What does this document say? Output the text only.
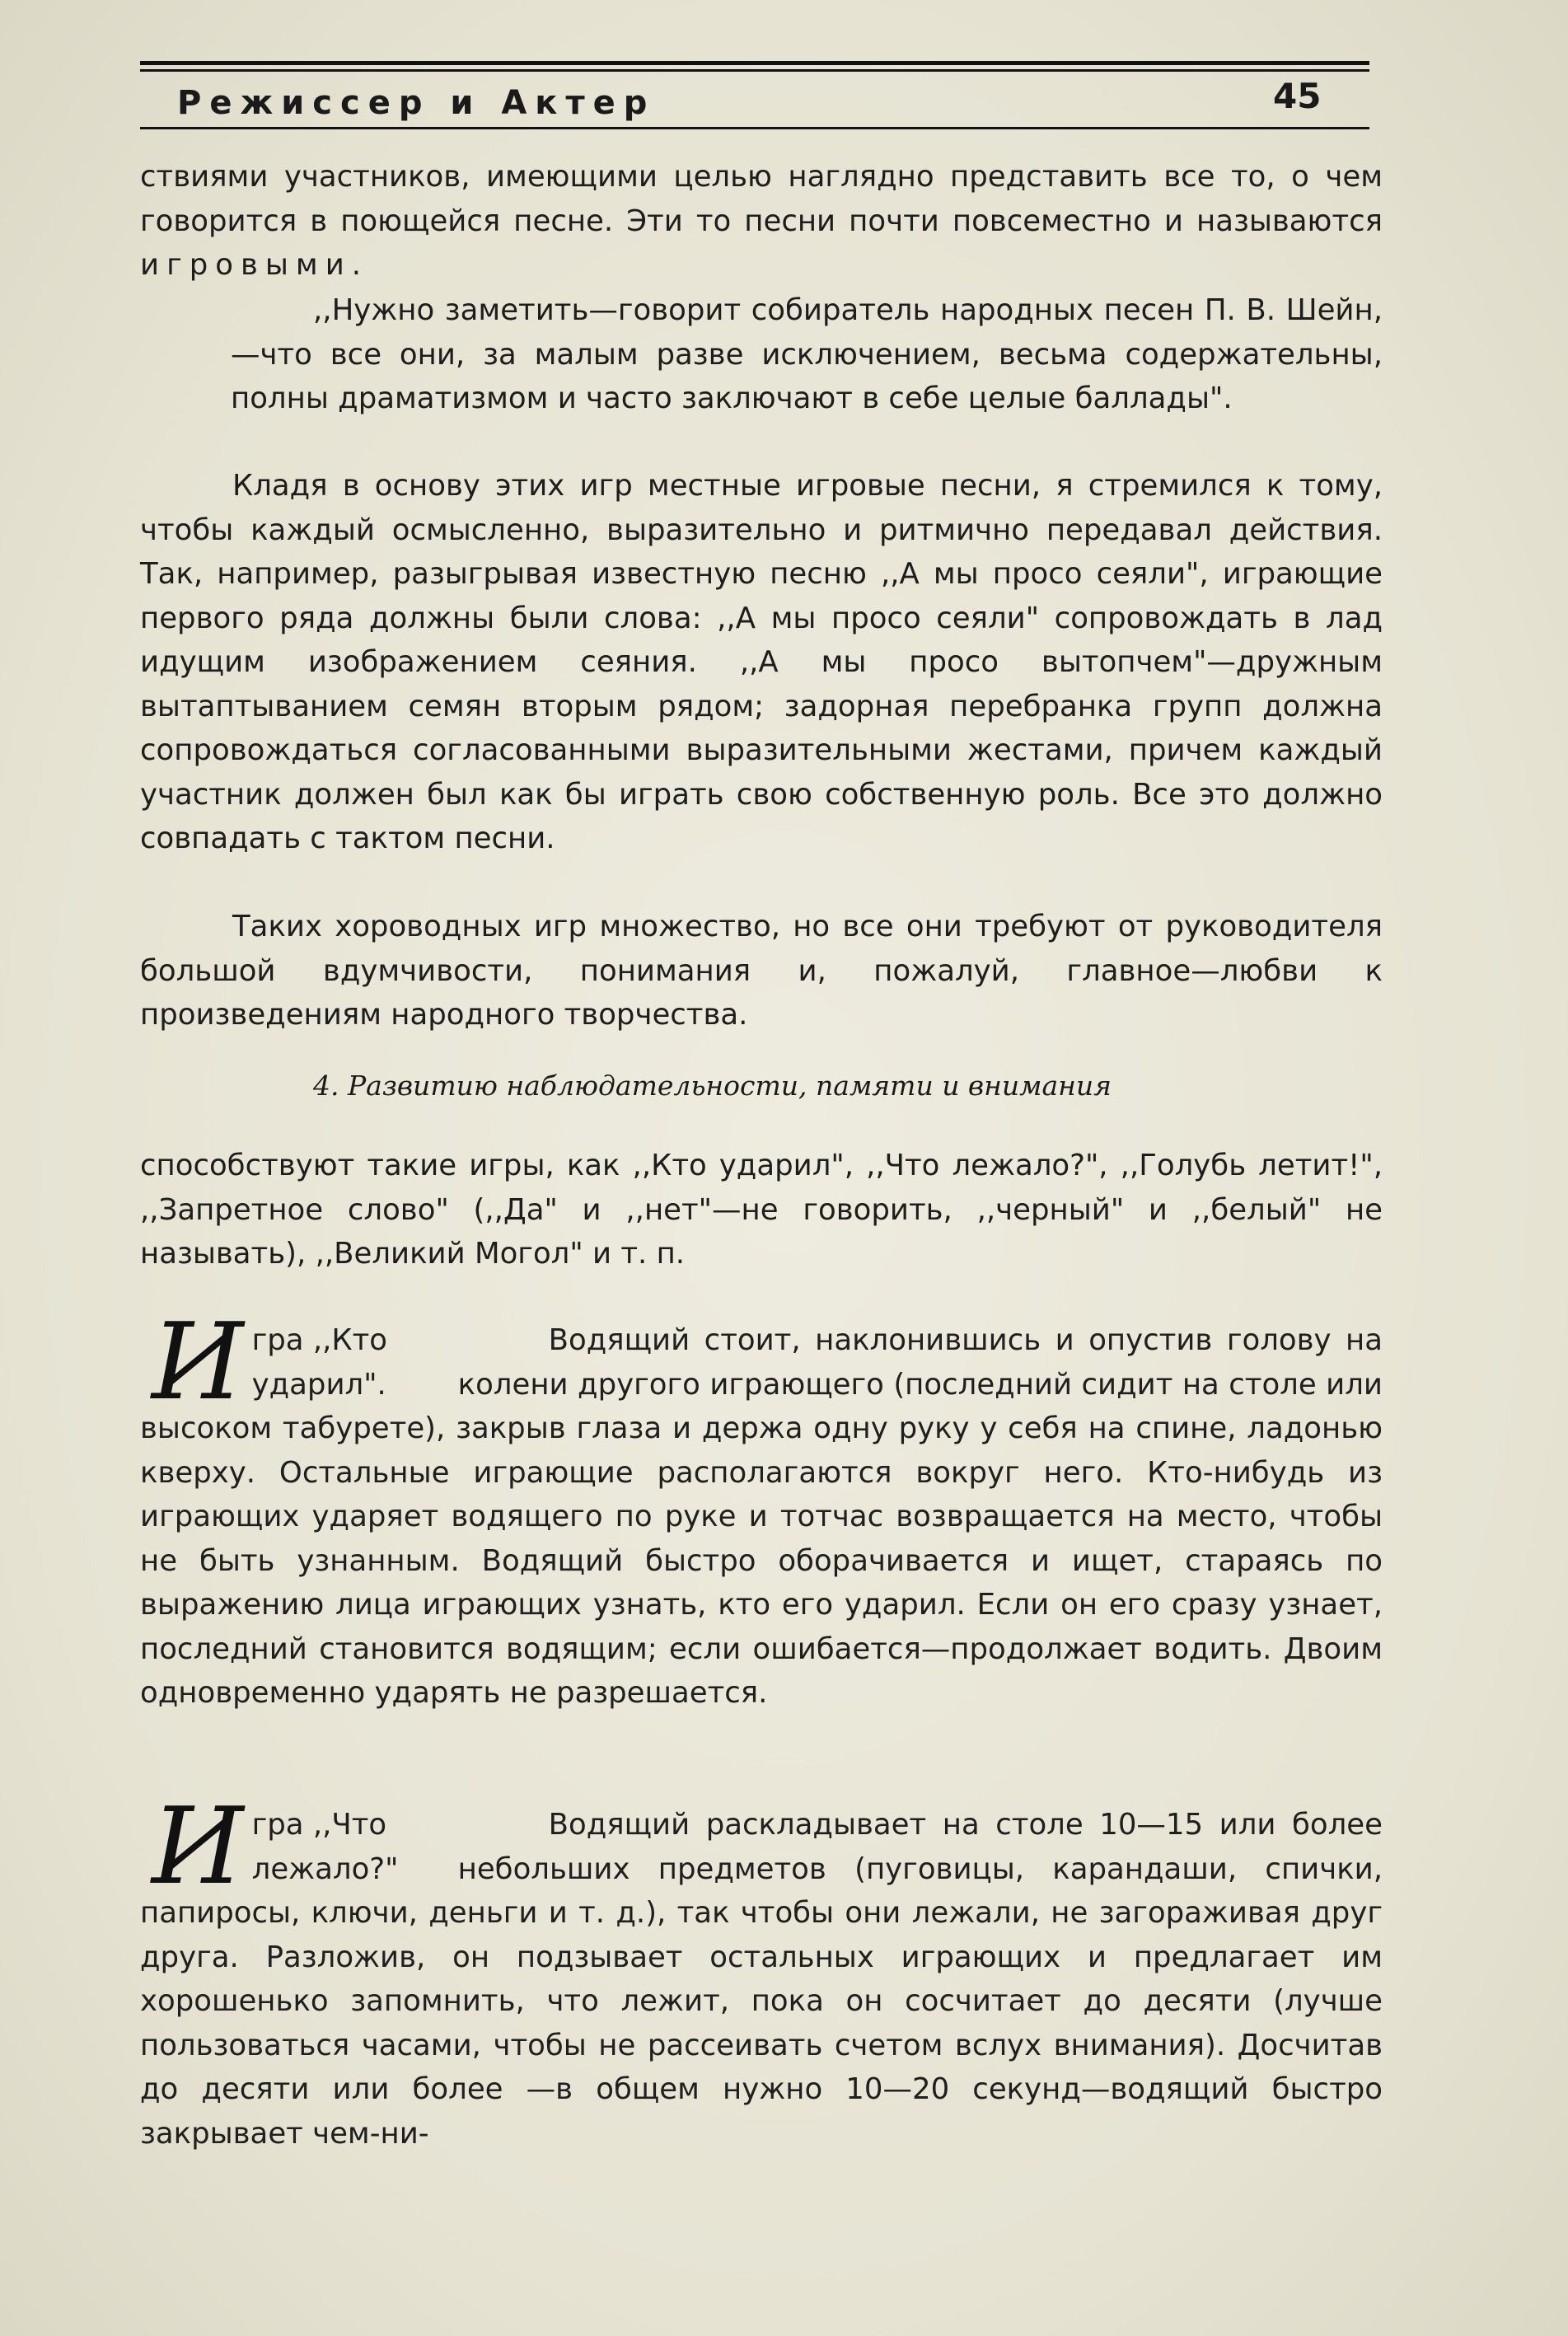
Режиссер и Актер	45

ствиями участников, имеющими целью наглядно представить все то, о чем говорится в поющейся песне. Эти то песни почти повсеместно и называются игровыми.

,,Нужно заметить—говорит собиратель народных песен П. В. Шейн,—что все они, за малым разве исключением, весьма содержательны, полны драматизмом и часто заключают в себе целые баллады".

Кладя в основу этих игр местные игровые песни, я стремился к тому, чтобы каждый осмысленно, выразительно и ритмично передавал действия. Так, например, разыгрывая известную песню ,,А мы просо сеяли", играющие первого ряда должны были слова: ,,А мы просо сеяли" сопровождать в лад идущим изображением сеяния. ,,А мы просо вытопчем"—дружным вытаптыванием семян вторым рядом; задорная перебранка групп должна сопровождаться согласованными выразительными жестами, причем каждый участник должен был как бы играть свою собственную роль. Все это должно совпадать с тактом песни.

Таких хороводных игр множество, но все они требуют от руководителя большой вдумчивости, понимания и, пожалуй, главное—любви к произведениям народного творчества.

4. Развитию наблюдательности, памяти и внимания

способствуют такие игры, как ,,Кто ударил", ,,Что лежало?", ,,Голубь летит!", ,,Запретное слово" (,,Да" и ,,нет"—не говорить, ,,черный" и ,,белый" не называть), ,,Великий Могол" и т. п.

И гра ,,Кто ударил".

Водящий стоит, наклонившись и опустив голову на колени другого играющего (последний сидит на столе или высоком табурете), закрыв глаза и держа одну руку у себя на спине, ладонью кверху. Остальные играющие располагаются вокруг него. Кто-нибудь из играющих ударяет водящего по руке и тотчас возвращается на место, чтобы не быть узнанным. Водящий быстро оборачивается и ищет, стараясь по выражению лица играющих узнать, кто его ударил. Если он его сразу узнает, последний становится водящим; если ошибается—продолжает водить. Двоим одновременно ударять не разрешается.

И гра ,,Что лежало?"

Водящий раскладывает на столе 10—15 или более небольших предметов (пуговицы, карандаши, спички, папиросы, ключи, деньги и т. д.), так чтобы они лежали, не загораживая друг друга. Разложив, он подзывает остальных играющих и предлагает им хорошенько запомнить, что лежит, пока он сосчитает до десяти (лучше пользоваться часами, чтобы не рассеивать счетом вслух внимания). Досчитав до десяти или более —в общем нужно 10—20 секунд—водящий быстро закрывает чем-ни-
